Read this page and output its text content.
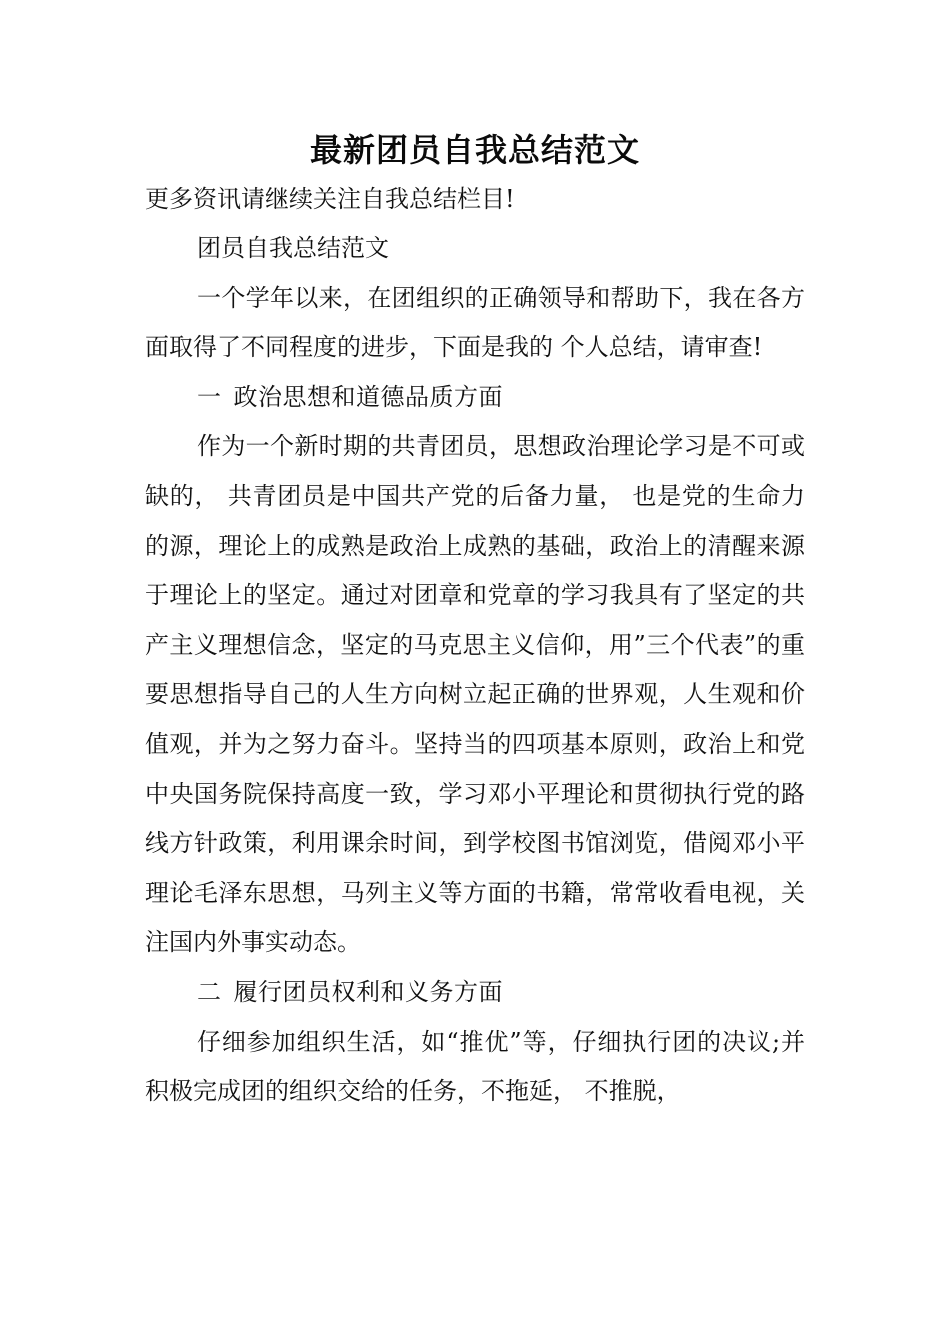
最新团员自我总结范文

更多资讯请继续关注自我总结栏目!

团员自我总结范文

一个学年以来，在团组织的正确领导和帮助下，我在各方面取得了不同程度的进步，下面是我的 个人总结，请审查!

一 政治思想和道德品质方面

作为一个新时期的共青团员，思想政治理论学习是不可或缺的， 共青团员是中国共产党的后备力量， 也是党的生命力的源，理论上的成熟是政治上成熟的基础，政治上的清醒来源于理论上的坚定。通过对团章和党章的学习我具有了坚定的共产主义理想信念，坚定的马克思主义信仰，用”三个代表”的重要思想指导自己的人生方向树立起正确的世界观，人生观和价值观，并为之努力奋斗。坚持当的四项基本原则，政治上和党中央国务院保持高度一致，学习邓小平理论和贯彻执行党的路线方针政策，利用课余时间，到学校图书馆浏览，借阅邓小平理论毛泽东思想，马列主义等方面的书籍，常常收看电视，关注国内外事实动态。

二 履行团员权利和义务方面

仔细参加组织生活，如“推优”等，仔细执行团的决议;并积极完成团的组织交给的任务，不拖延， 不推脱，
